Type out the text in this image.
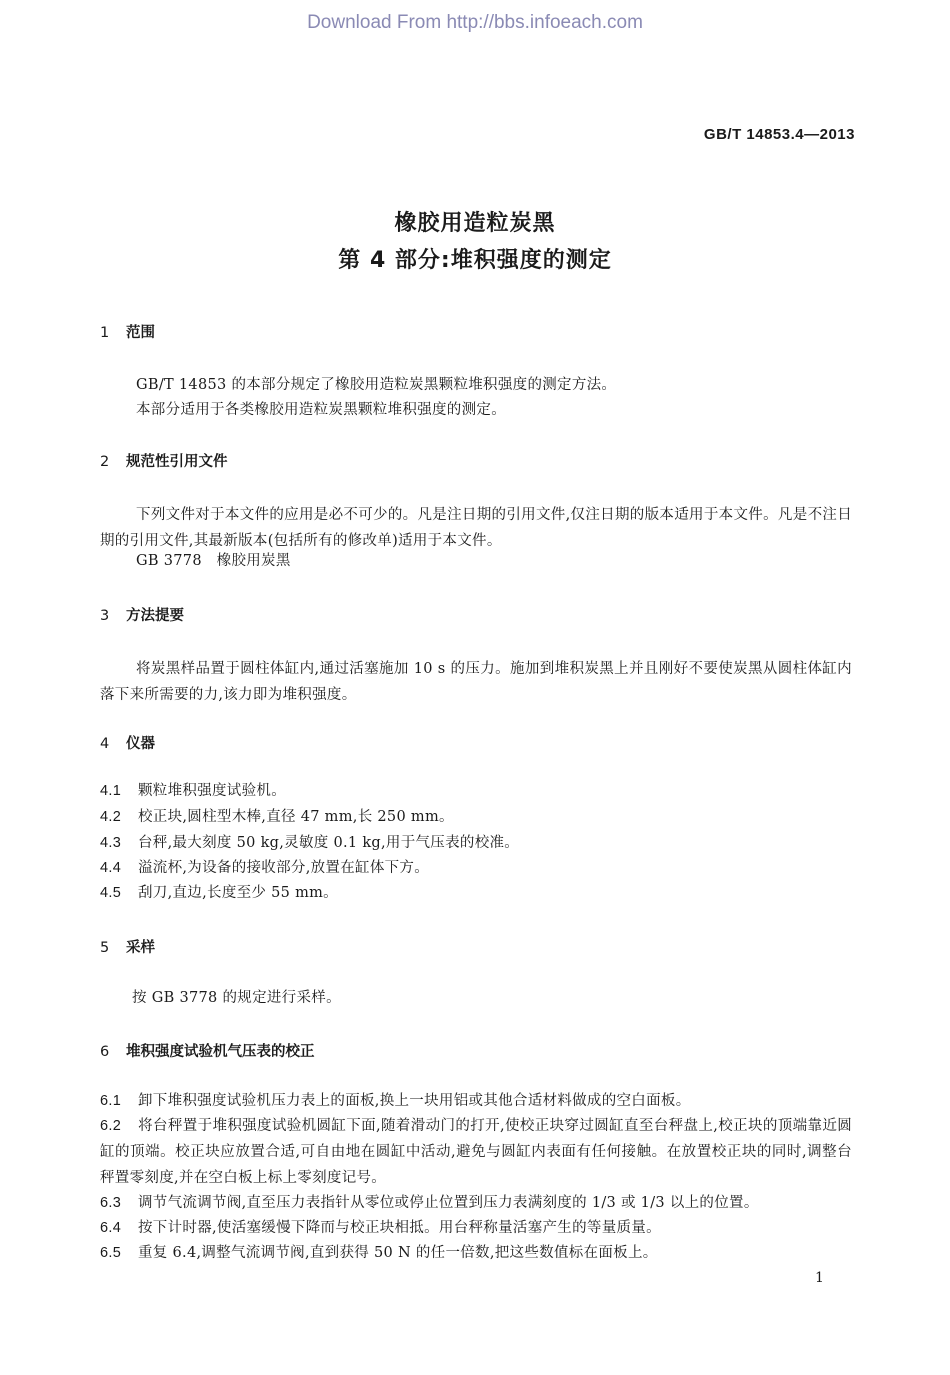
Download From http://bbs.infoeach.com
GB/T 14853.4—2013
橡胶用造粒炭黑
第 4 部分:堆积强度的测定
1 范围
GB/T 14853 的本部分规定了橡胶用造粒炭黑颗粒堆积强度的测定方法。
本部分适用于各类橡胶用造粒炭黑颗粒堆积强度的测定。
2 规范性引用文件
下列文件对于本文件的应用是必不可少的。凡是注日期的引用文件,仅注日期的版本适用于本文件。凡是不注日期的引用文件,其最新版本(包括所有的修改单)适用于本文件。
GB 3778　橡胶用炭黑
3 方法提要
将炭黑样品置于圆柱体缸内,通过活塞施加 10 s 的压力。施加到堆积炭黑上并且刚好不要使炭黑从圆柱体缸内落下来所需要的力,该力即为堆积强度。
4 仪器
4.1 颗粒堆积强度试验机。
4.2 校正块,圆柱型木棒,直径 47 mm,长 250 mm。
4.3 台秤,最大刻度 50 kg,灵敏度 0.1 kg,用于气压表的校准。
4.4 溢流杯,为设备的接收部分,放置在缸体下方。
4.5 刮刀,直边,长度至少 55 mm。
5 采样
按 GB 3778 的规定进行采样。
6 堆积强度试验机气压表的校正
6.1 卸下堆积强度试验机压力表上的面板,换上一块用铝或其他合适材料做成的空白面板。
6.2 将台秤置于堆积强度试验机圆缸下面,随着滑动门的打开,使校正块穿过圆缸直至台秤盘上,校正块的顶端靠近圆缸的顶端。校正块应放置合适,可自由地在圆缸中活动,避免与圆缸内表面有任何接触。在放置校正块的同时,调整台秤置零刻度,并在空白板上标上零刻度记号。
6.3 调节气流调节阀,直至压力表指针从零位或停止位置到压力表满刻度的 1/3 或 1/3 以上的位置。
6.4 按下计时器,使活塞缓慢下降而与校正块相抵。用台秤称量活塞产生的等量质量。
6.5 重复 6.4,调整气流调节阀,直到获得 50 N 的任一倍数,把这些数值标在面板上。
1
